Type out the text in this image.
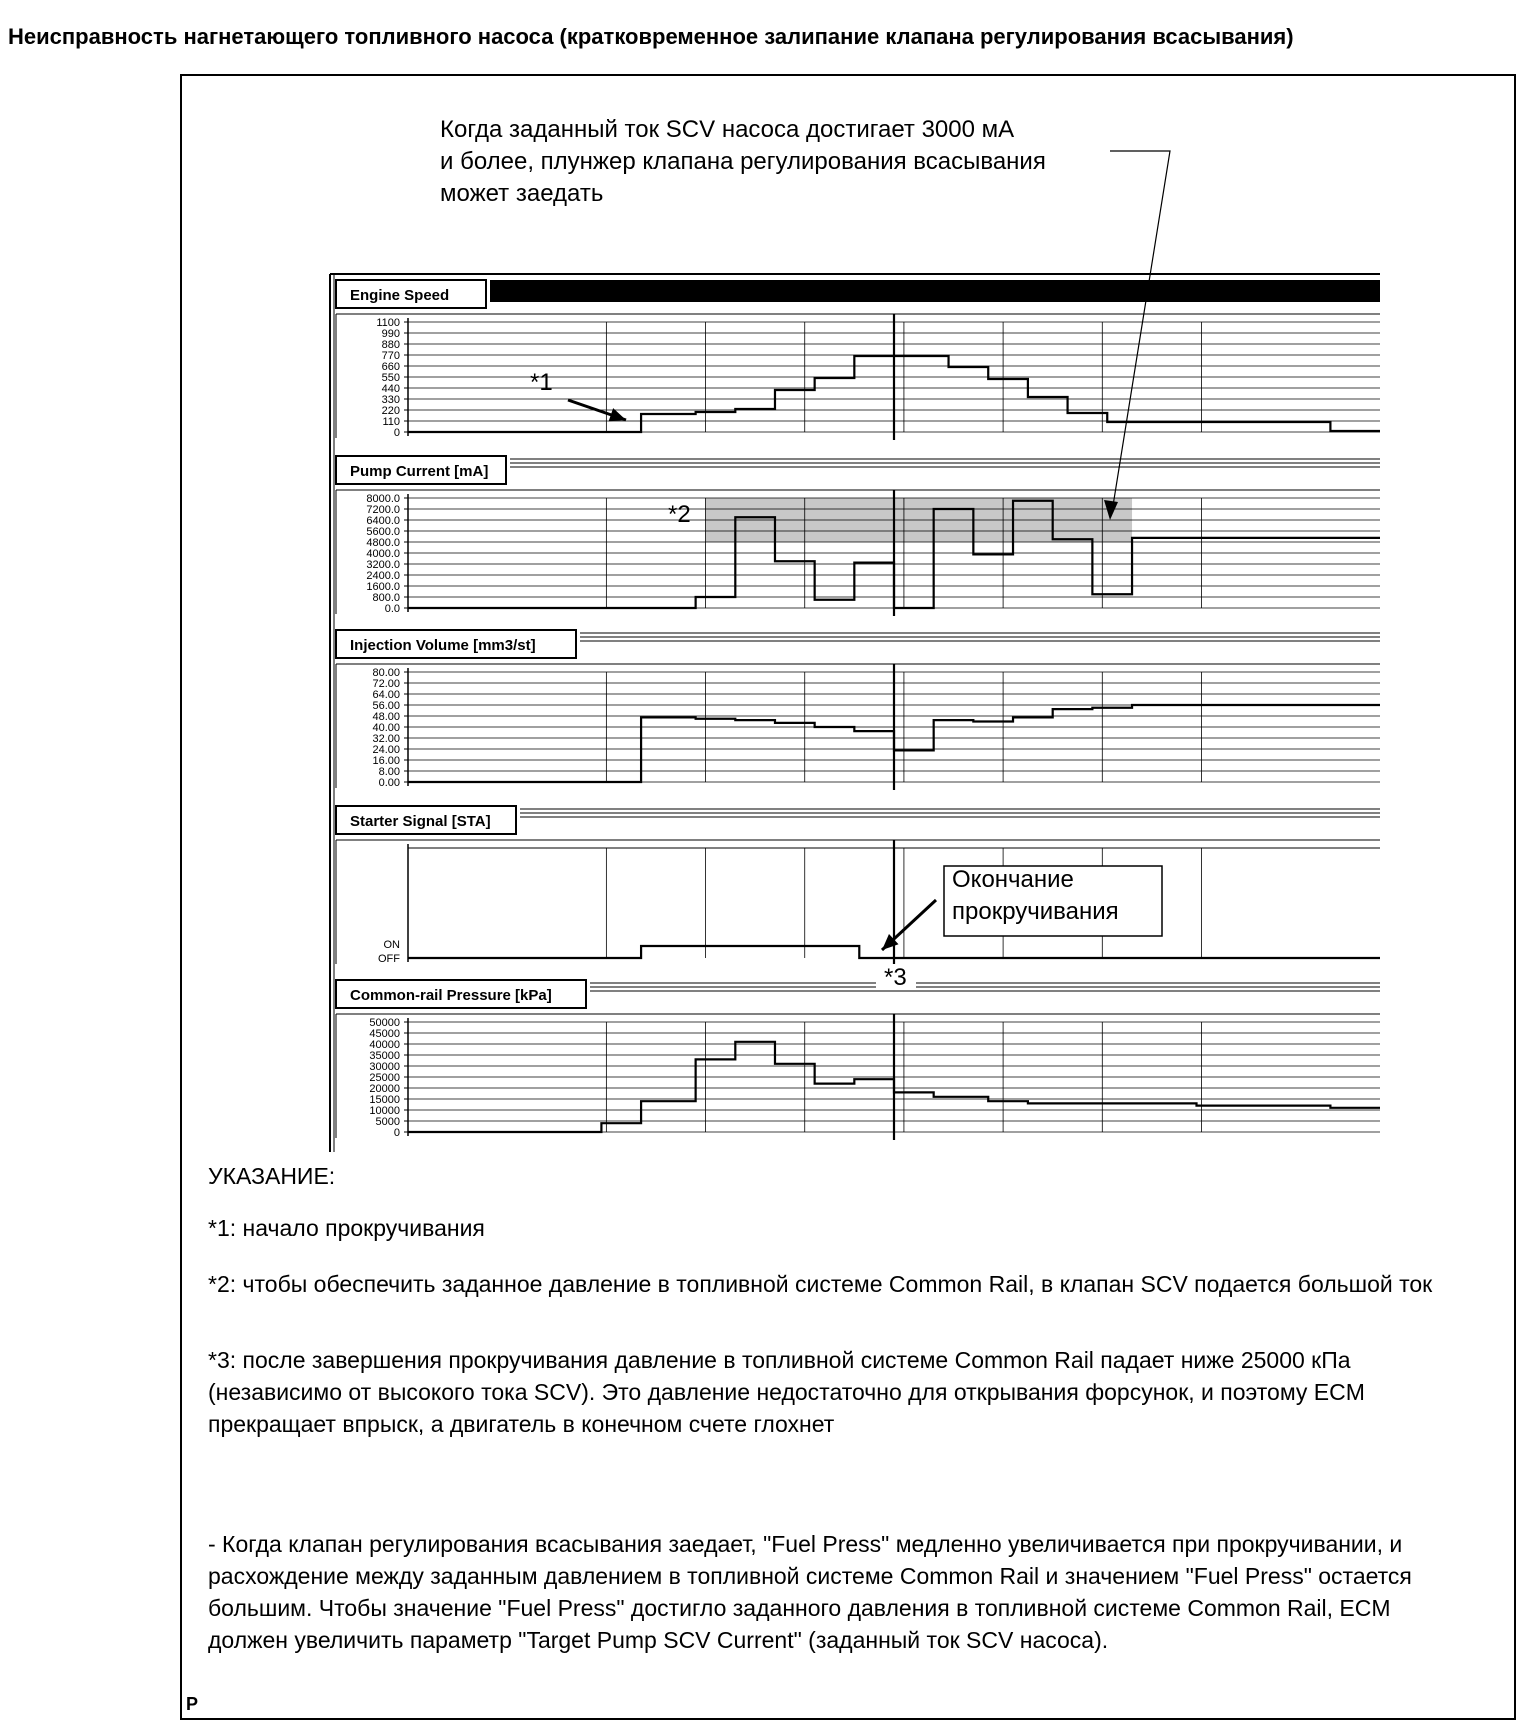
Неисправность нагнетающего топливного насоса (кратковременное залипание клапана регулирования всасывания)
Engine Speed
1100
990
880
770
660
550
440
330
220
110
0
Pump Current [mA]
8000.0
7200.0
6400.0
5600.0
4800.0
4000.0
3200.0
2400.0
1600.0
800.0
0.0
Injection Volume [mm3/st]
80.00
72.00
64.00
56.00
48.00
40.00
32.00
24.00
16.00
8.00
0.00
Starter Signal [STA]
ON
OFF
Common-rail Pressure [kPa]
50000
45000
40000
35000
30000
25000
20000
15000
10000
5000
0
*1
*2
*3
Когда заданный ток SCV насоса достигает 3000 мА
и более, плунжер клапана регулирования всасывания
может заедать
Окончание
прокручивания
УКАЗАНИЕ:
*1: начало прокручивания
*2: чтобы обеспечить заданное давление в топливной системе Common Rail, в клапан SCV подается большой ток
*3: после завершения прокручивания давление в топливной системе Common Rail падает ниже 25000 кПа (независимо от высокого тока SCV). Это давление недостаточно для открывания форсунок, и поэтому ECM прекращает впрыск, а двигатель в конечном счете глохнет
- Когда клапан регулирования всасывания заедает, "Fuel Press" медленно увеличивается при прокручивании, и расхождение между заданным давлением в топливной системе Common Rail и значением "Fuel Press" остается большим. Чтобы значение "Fuel Press" достигло заданного давления в топливной системе Common Rail, ECM должен увеличить параметр "Target Pump SCV Current" (заданный ток SCV насоса).
P
